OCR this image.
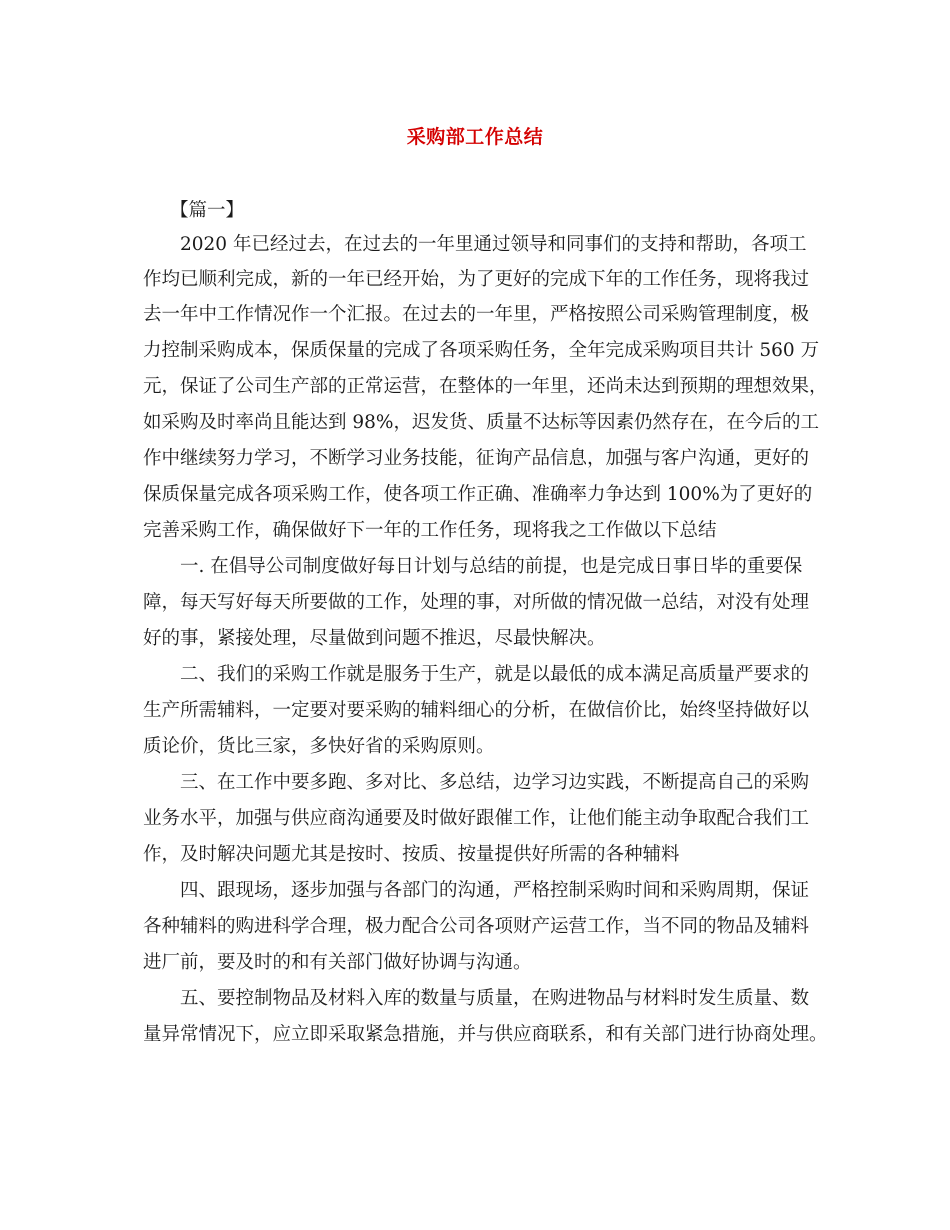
采购部工作总结
【篇一】
2020 年已经过去，在过去的一年里通过领导和同事们的支持和帮助，各项工
作均已顺利完成，新的一年已经开始，为了更好的完成下年的工作任务，现将我过
去一年中工作情况作一个汇报。在过去的一年里，严格按照公司采购管理制度，极
力控制采购成本，保质保量的完成了各项采购任务，全年完成采购项目共计 560 万
元，保证了公司生产部的正常运营，在整体的一年里，还尚未达到预期的理想效果，
如采购及时率尚且能达到 98%，迟发货、质量不达标等因素仍然存在，在今后的工
作中继续努力学习，不断学习业务技能，征询产品信息，加强与客户沟通，更好的
保质保量完成各项采购工作，使各项工作正确、准确率力争达到 100%为了更好的
完善采购工作，确保做好下一年的工作任务，现将我之工作做以下总结
一. 在倡导公司制度做好每日计划与总结的前提，也是完成日事日毕的重要保
障，每天写好每天所要做的工作，处理的事，对所做的情况做一总结，对没有处理
好的事，紧接处理，尽量做到问题不推迟，尽最快解决。
二、我们的采购工作就是服务于生产，就是以最低的成本满足高质量严要求的
生产所需辅料，一定要对要采购的辅料细心的分析，在做信价比，始终坚持做好以
质论价，货比三家，多快好省的采购原则。
三、在工作中要多跑、多对比、多总结，边学习边实践，不断提高自己的采购
业务水平，加强与供应商沟通要及时做好跟催工作，让他们能主动争取配合我们工
作，及时解决问题尤其是按时、按质、按量提供好所需的各种辅料
四、跟现场，逐步加强与各部门的沟通，严格控制采购时间和采购周期，保证
各种辅料的购进科学合理，极力配合公司各项财产运营工作，当不同的物品及辅料
进厂前，要及时的和有关部门做好协调与沟通。
五、要控制物品及材料入库的数量与质量，在购进物品与材料时发生质量、数
量异常情况下，应立即采取紧急措施，并与供应商联系，和有关部门进行协商处理。
